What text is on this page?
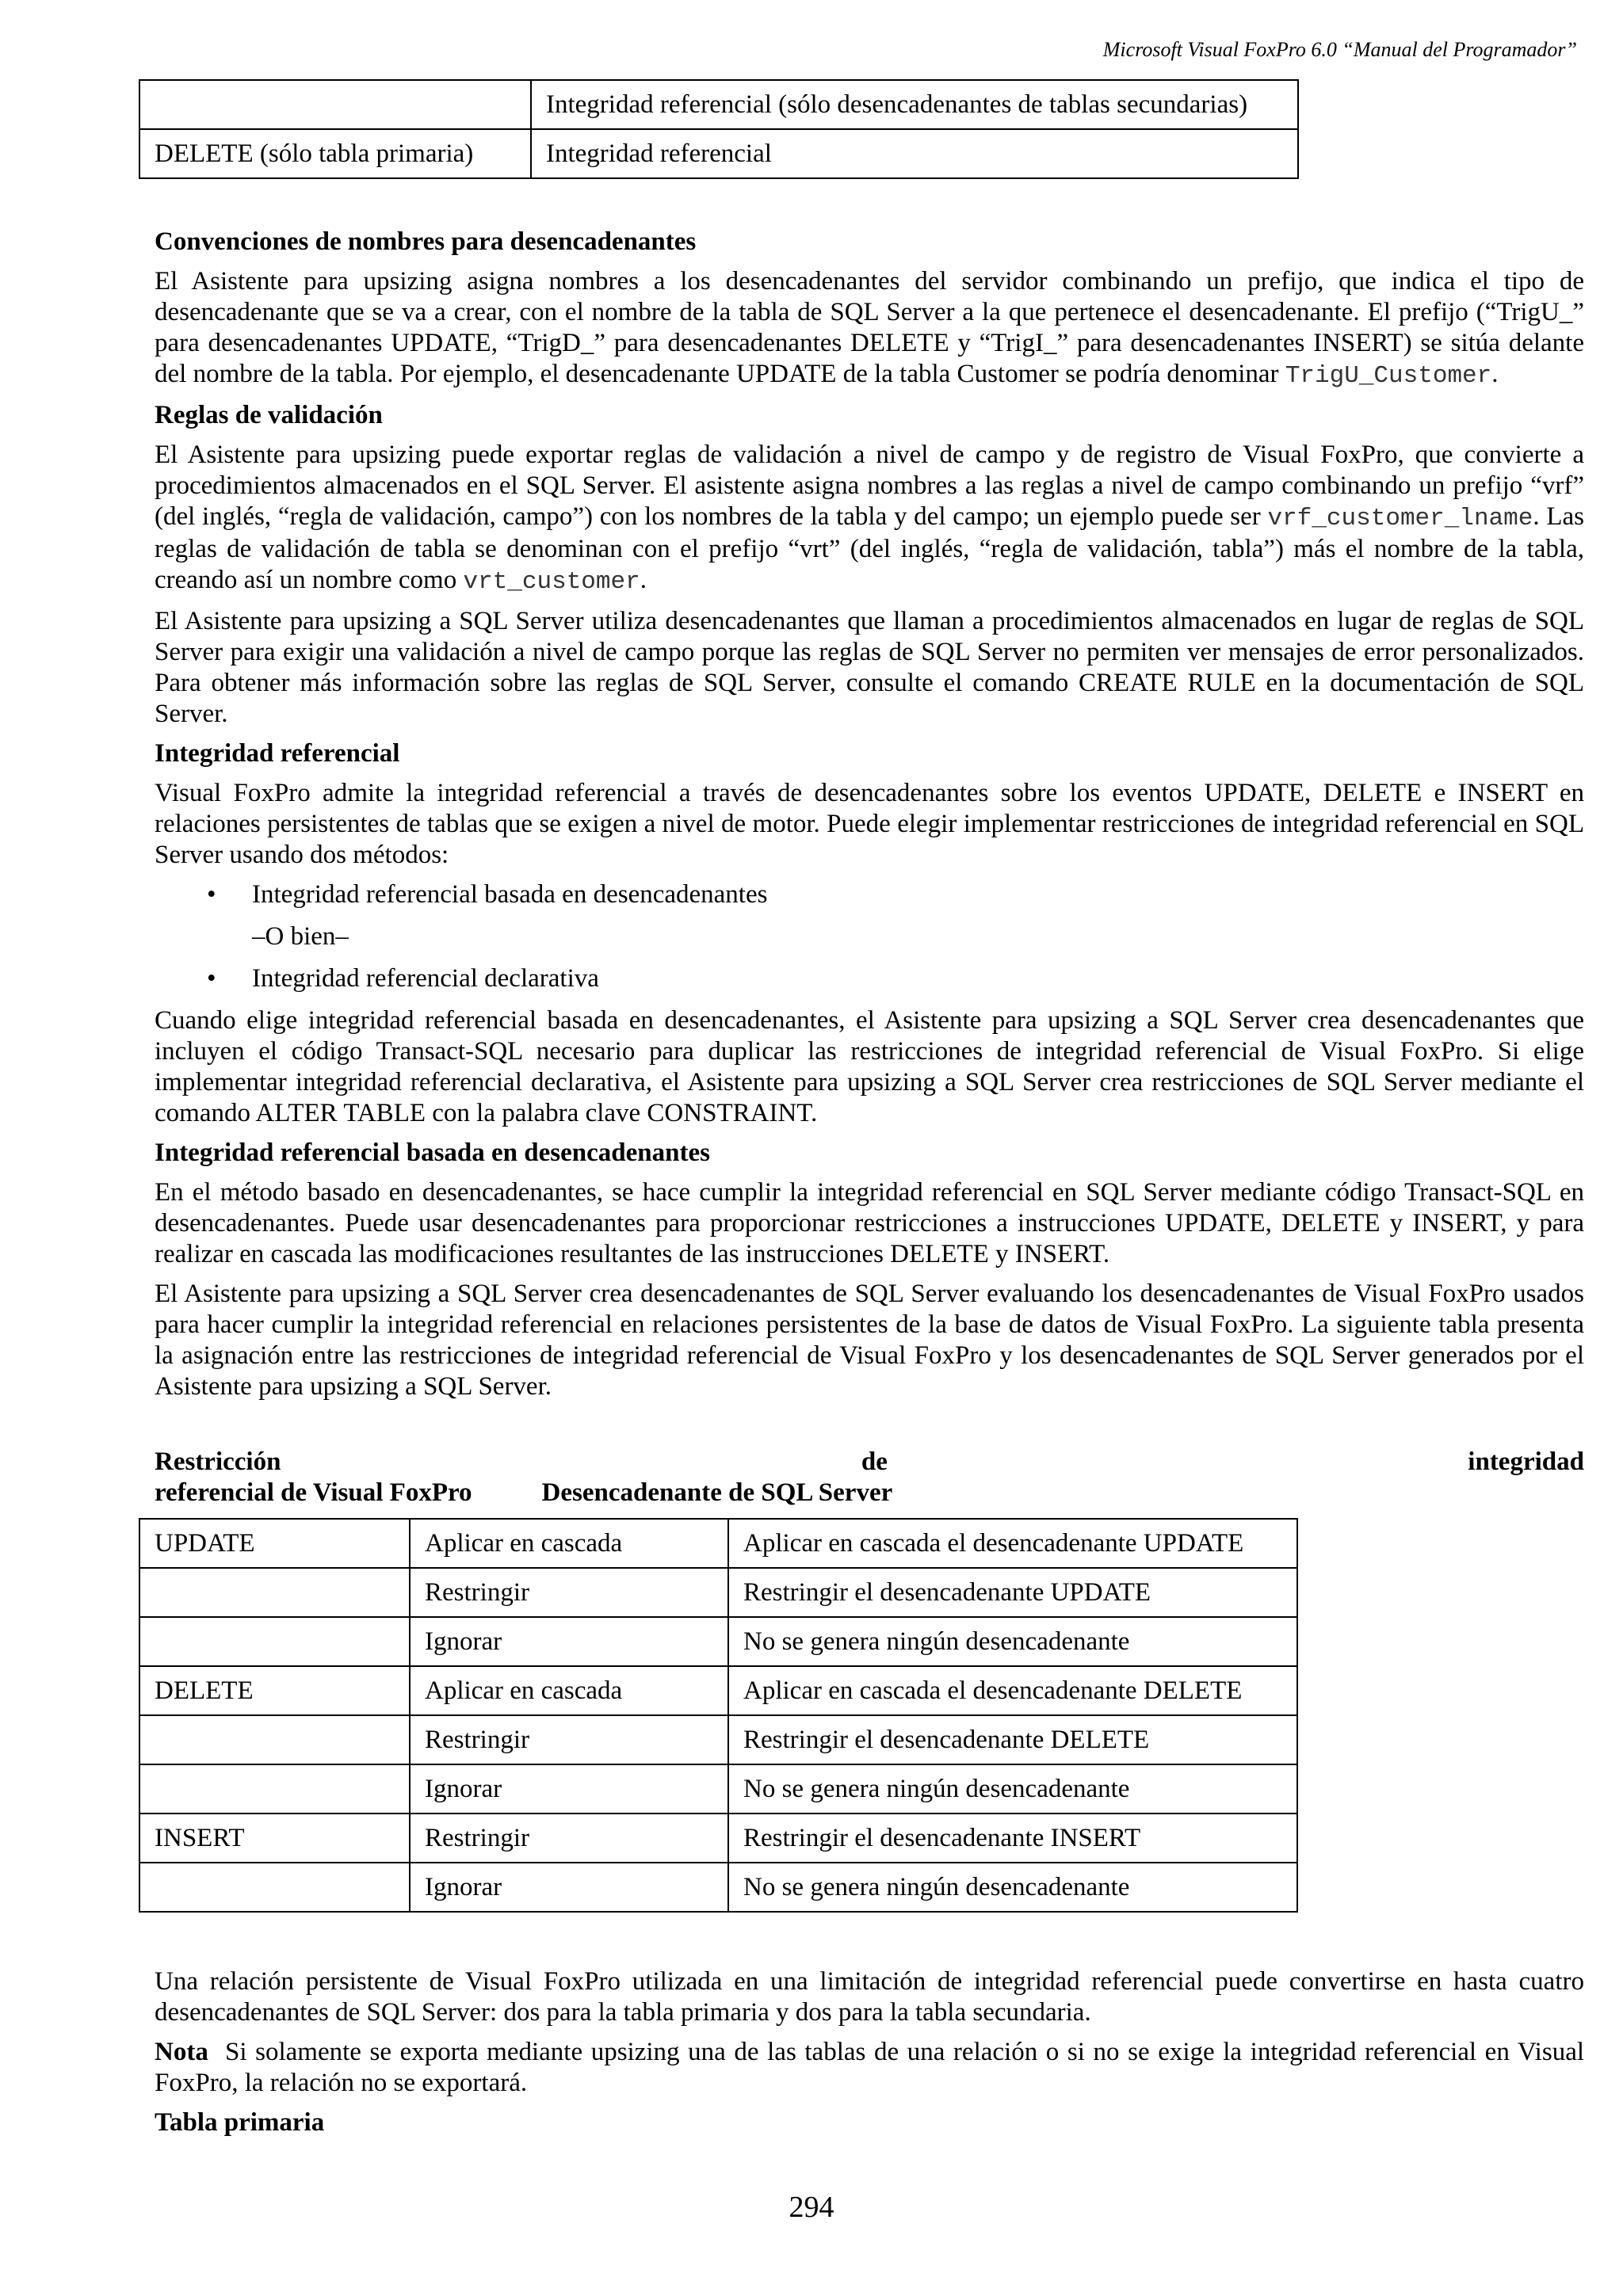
Microsoft Visual FoxPro 6.0 “Manual del Programador”
	Integridad referencial (sólo desencadenantes de tablas secundarias)
DELETE (sólo tabla primaria)	Integridad referencial
Convenciones de nombres para desencadenantes

El Asistente para upsizing asigna nombres a los desencadenantes del servidor combinando un prefijo, que indica el tipo de desencadenante que se va a crear, con el nombre de la tabla de SQL Server a la que pertenece el desencadenante. El prefijo (“TrigU_” para desencadenantes UPDATE, “TrigD_” para desencadenantes DELETE y “TrigI_” para desencadenantes INSERT) se sitúa delante del nombre de la tabla. Por ejemplo, el desencadenante UPDATE de la tabla Customer se podría denominar TrigU_Customer.

Reglas de validación

El Asistente para upsizing puede exportar reglas de validación a nivel de campo y de registro de Visual FoxPro, que convierte a procedimientos almacenados en el SQL Server. El asistente asigna nombres a las reglas a nivel de campo combinando un prefijo “vrf” (del inglés, “regla de validación, campo”) con los nombres de la tabla y del campo; un ejemplo puede ser vrf_customer_lname. Las reglas de validación de tabla se denominan con el prefijo “vrt” (del inglés, “regla de validación, tabla”) más el nombre de la tabla, creando así un nombre como vrt_customer.

El Asistente para upsizing a SQL Server utiliza desencadenantes que llaman a procedimientos almacenados en lugar de reglas de SQL Server para exigir una validación a nivel de campo porque las reglas de SQL Server no permiten ver mensajes de error personalizados. Para obtener más información sobre las reglas de SQL Server, consulte el comando CREATE RULE en la documentación de SQL Server.

Integridad referencial

Visual FoxPro admite la integridad referencial a través de desencadenantes sobre los eventos UPDATE, DELETE e INSERT en relaciones persistentes de tablas que se exigen a nivel de motor. Puede elegir implementar restricciones de integridad referencial en SQL Server usando dos métodos:

• Integridad referencial basada en desencadenantes
–O bien–
• Integridad referencial declarativa

Cuando elige integridad referencial basada en desencadenantes, el Asistente para upsizing a SQL Server crea desencadenantes que incluyen el código Transact-SQL necesario para duplicar las restricciones de integridad referencial de Visual FoxPro. Si elige implementar integridad referencial declarativa, el Asistente para upsizing a SQL Server crea restricciones de SQL Server mediante el comando ALTER TABLE con la palabra clave CONSTRAINT.

Integridad referencial basada en desencadenantes

En el método basado en desencadenantes, se hace cumplir la integridad referencial en SQL Server mediante código Transact-SQL en desencadenantes. Puede usar desencadenantes para proporcionar restricciones a instrucciones UPDATE, DELETE y INSERT, y para realizar en cascada las modificaciones resultantes de las instrucciones DELETE y INSERT.

El Asistente para upsizing a SQL Server crea desencadenantes de SQL Server evaluando los desencadenantes de Visual FoxPro usados para hacer cumplir la integridad referencial en relaciones persistentes de la base de datos de Visual FoxPro. La siguiente tabla presenta la asignación entre las restricciones de integridad referencial de Visual FoxPro y los desencadenantes de SQL Server generados por el Asistente para upsizing a SQL Server.

Restricción	de	integridad
referencial de Visual FoxPro	Desencadenante de SQL Server
UPDATE	Aplicar en cascada	Aplicar en cascada el desencadenante UPDATE
	Restringir	Restringir el desencadenante UPDATE
	Ignorar	No se genera ningún desencadenante
DELETE	Aplicar en cascada	Aplicar en cascada el desencadenante DELETE
	Restringir	Restringir el desencadenante DELETE
	Ignorar	No se genera ningún desencadenante
INSERT	Restringir	Restringir el desencadenante INSERT
	Ignorar	No se genera ningún desencadenante

Una relación persistente de Visual FoxPro utilizada en una limitación de integridad referencial puede convertirse en hasta cuatro desencadenantes de SQL Server: dos para la tabla primaria y dos para la tabla secundaria.

Nota Si solamente se exporta mediante upsizing una de las tablas de una relación o si no se exige la integridad referencial en Visual FoxPro, la relación no se exportará.

Tabla primaria
294
